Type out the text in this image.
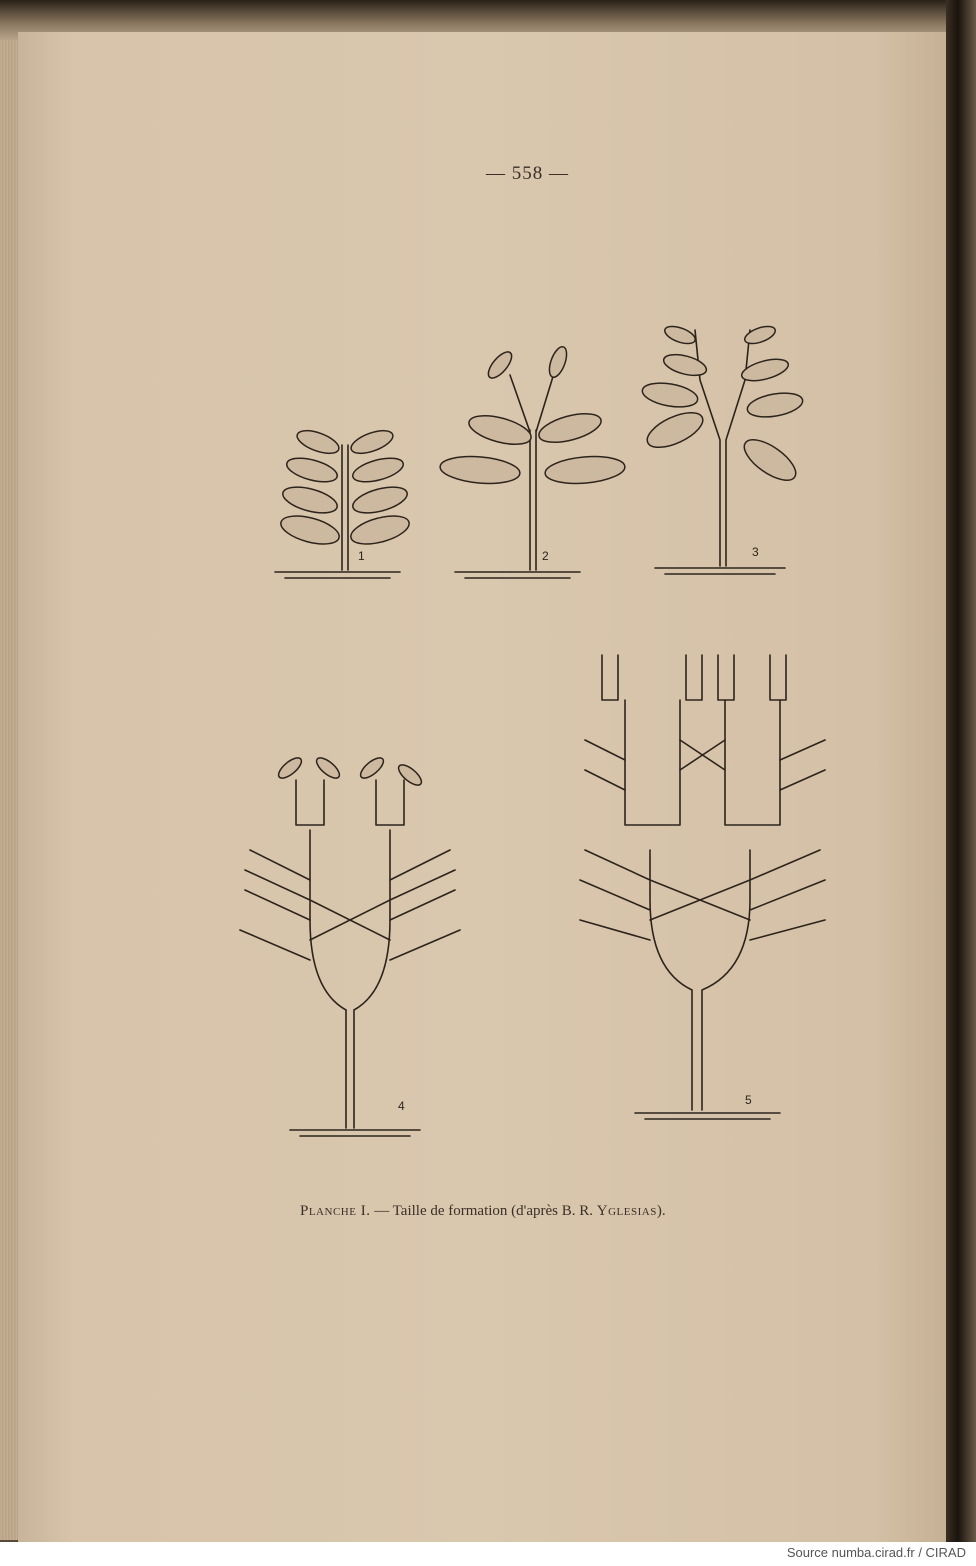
— 558 —
1	2	3
4	5
Planche I. — Taille de formation (d'après B. R. Yglesias).
Source numba.cirad.fr / CIRAD
